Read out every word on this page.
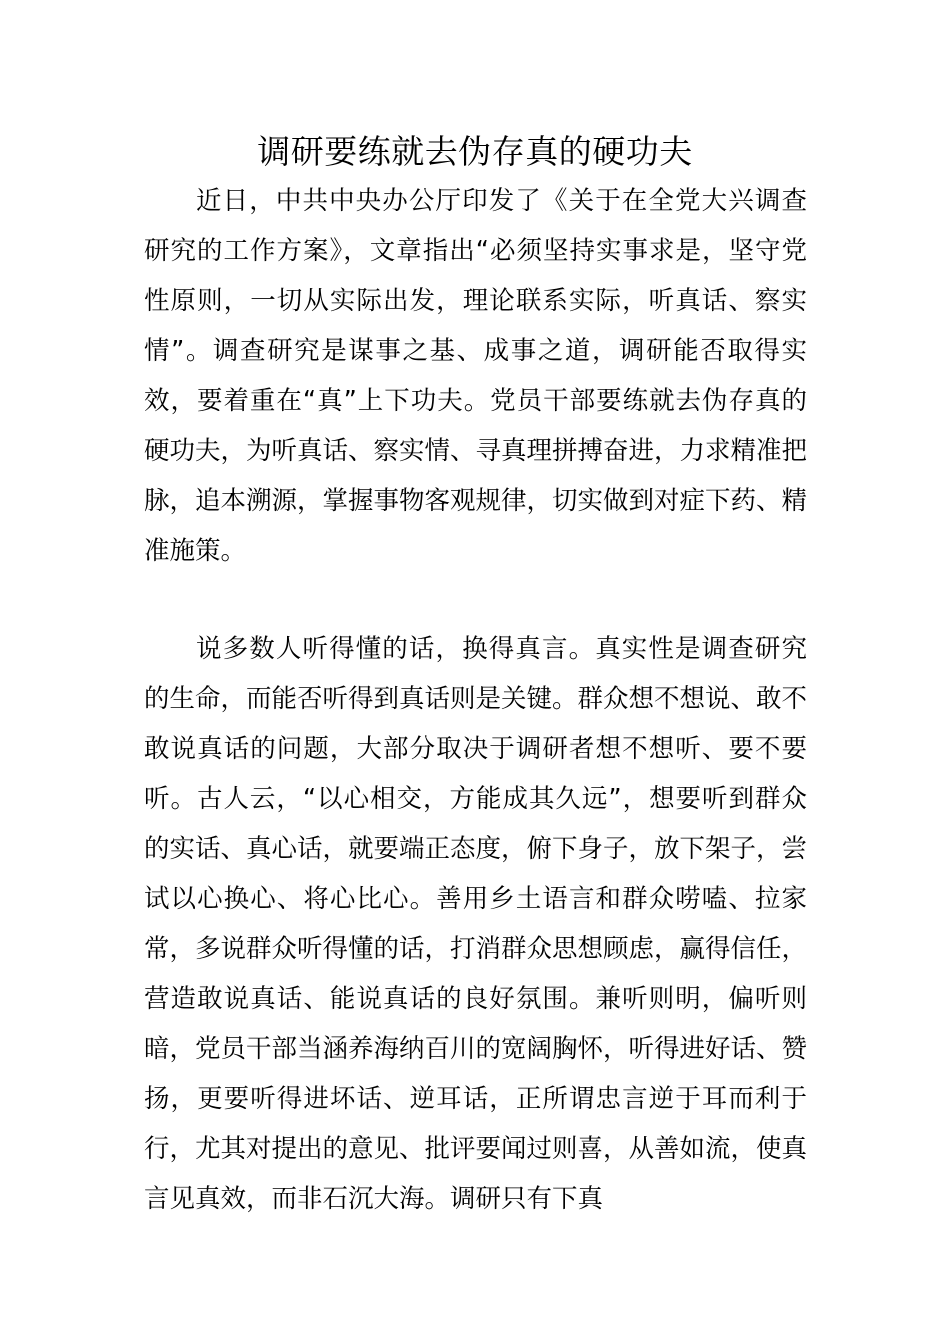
调研要练就去伪存真的硬功夫

近日，中共中央办公厅印发了《关于在全党大兴调查研究的工作方案》，文章指出“必须坚持实事求是，坚守党性原则，一切从实际出发，理论联系实际，听真话、察实情”。调查研究是谋事之基、成事之道，调研能否取得实效，要着重在“真”上下功夫。党员干部要练就去伪存真的硬功夫，为听真话、察实情、寻真理拼搏奋进，力求精准把脉，追本溯源，掌握事物客观规律，切实做到对症下药、精准施策。

说多数人听得懂的话，换得真言。真实性是调查研究的生命，而能否听得到真话则是关键。群众想不想说、敢不敢说真话的问题，大部分取决于调研者想不想听、要不要听。古人云，“以心相交，方能成其久远”，想要听到群众的实话、真心话，就要端正态度，俯下身子，放下架子，尝试以心换心、将心比心。善用乡土语言和群众唠嗑、拉家常，多说群众听得懂的话，打消群众思想顾虑，赢得信任，营造敢说真话、能说真话的良好氛围。兼听则明，偏听则暗，党员干部当涵养海纳百川的宽阔胸怀，听得进好话、赞扬，更要听得进坏话、逆耳话，正所谓忠言逆于耳而利于行，尤其对提出的意见、批评要闻过则喜，从善如流，使真言见真效，而非石沉大海。调研只有下真
